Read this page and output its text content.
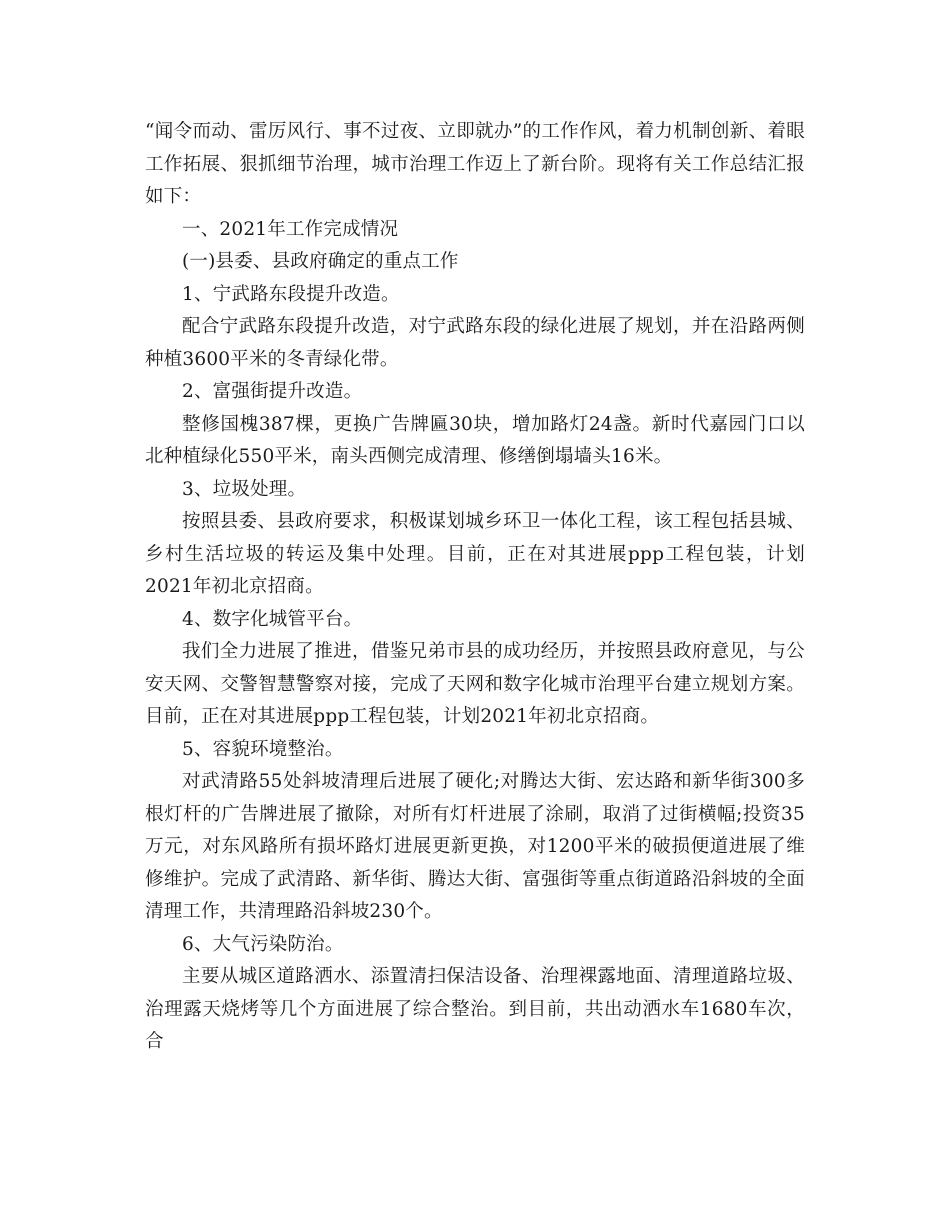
“闻令而动、雷厉风行、事不过夜、立即就办”的工作作风，着力机制创新、着眼工作拓展、狠抓细节治理，城市治理工作迈上了新台阶。现将有关工作总结汇报如下：

一、2021年工作完成情况

(一)县委、县政府确定的重点工作

1、宁武路东段提升改造。

配合宁武路东段提升改造，对宁武路东段的绿化进展了规划，并在沿路两侧种植3600平米的冬青绿化带。

2、富强街提升改造。

整修国槐387棵，更换广告牌匾30块，增加路灯24盏。新时代嘉园门口以北种植绿化550平米，南头西侧完成清理、修缮倒塌墙头16米。

3、垃圾处理。

按照县委、县政府要求，积极谋划城乡环卫一体化工程，该工程包括县城、乡村生活垃圾的转运及集中处理。目前，正在对其进展ppp工程包装，计划2021年初北京招商。

4、数字化城管平台。

我们全力进展了推进，借鉴兄弟市县的成功经历，并按照县政府意见，与公安天网、交警智慧警察对接，完成了天网和数字化城市治理平台建立规划方案。目前，正在对其进展ppp工程包装，计划2021年初北京招商。

5、容貌环境整治。

对武清路55处斜坡清理后进展了硬化;对腾达大街、宏达路和新华街300多根灯杆的广告牌进展了撤除，对所有灯杆进展了涂刷，取消了过街横幅;投资35万元，对东风路所有损坏路灯进展更新更换，对1200平米的破损便道进展了维修维护。完成了武清路、新华街、腾达大街、富强街等重点街道路沿斜坡的全面清理工作，共清理路沿斜坡230个。

6、大气污染防治。

主要从城区道路洒水、添置清扫保洁设备、治理裸露地面、清理道路垃圾、治理露天烧烤等几个方面进展了综合整治。到目前，共出动洒水车1680车次，合
